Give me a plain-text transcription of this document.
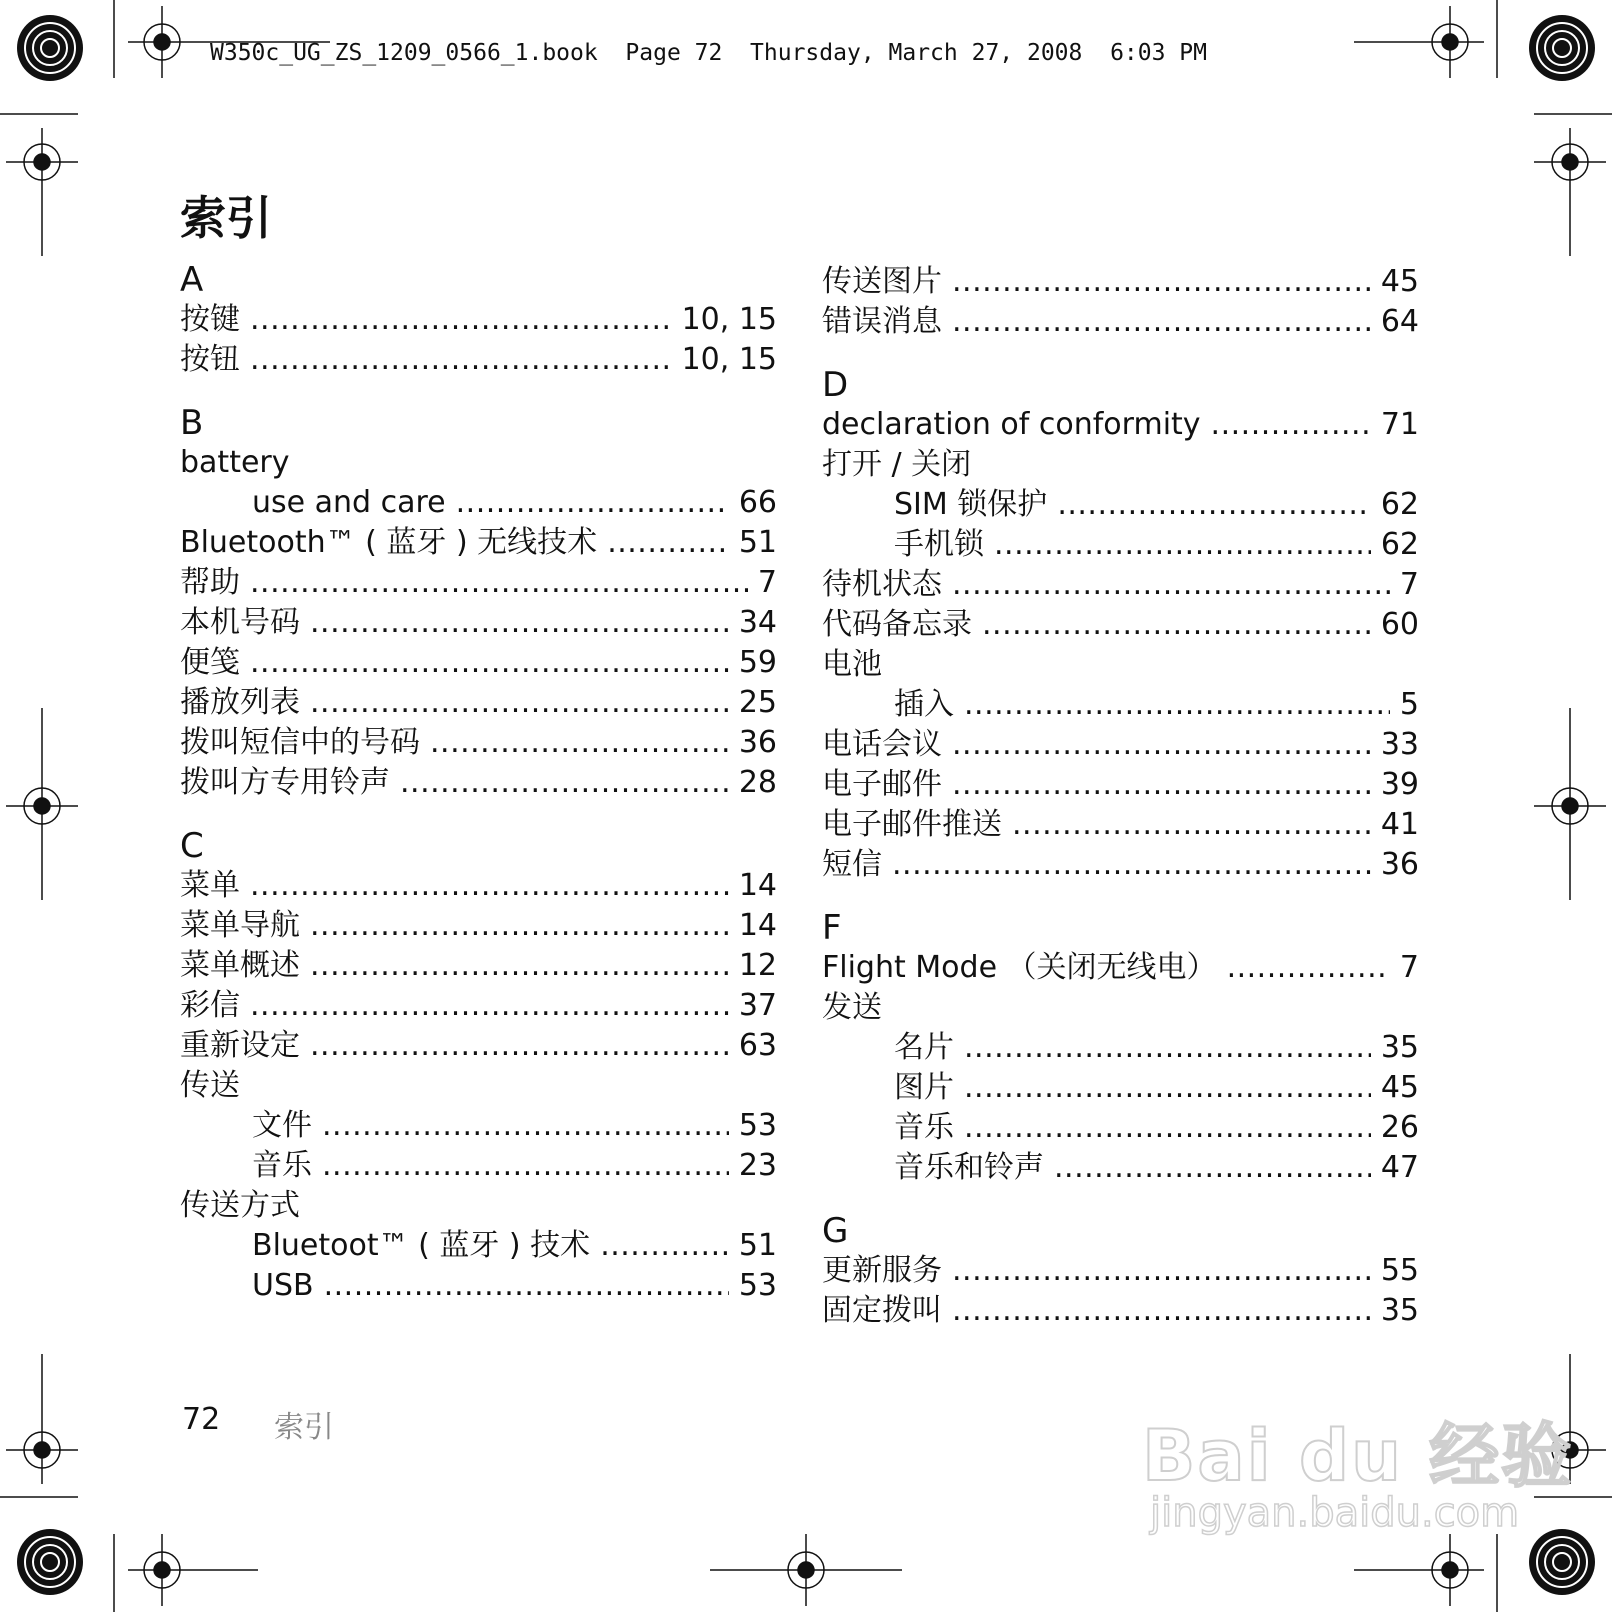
W350c_UG_ZS_1209_0566_1.book  Page 72  Thursday, March 27, 2008  6:03 PM
索引
A
按键 .....	10, 15
按钮 .....	10, 15
B
battery
use and care .....	66
Bluetooth™ ( 蓝牙 ) 无线技术 .....	51
帮助 .....	7
本机号码 .....	34
便笺 .....	59
播放列表 .....	25
拨叫短信中的号码 .....	36
拨叫方专用铃声 .....	28
C
菜单 .....	14
菜单导航 .....	14
菜单概述 .....	12
彩信 .....	37
重新设定 .....	63
传送
文件 .....	53
音乐 .....	23
传送方式
Bluetoot™ ( 蓝牙 ) 技术 .....	51
USB .....	53
传送图片 .....	45
错误消息 .....	64
D
declaration of conformity .....	71
打开 / 关闭
SIM 锁保护 .....	62
手机锁 .....	62
待机状态 .....	7
代码备忘录 .....	60
电池
插入 .....	5
电话会议 .....	33
电子邮件 .....	39
电子邮件推送 .....	41
短信 .....	36
F
Flight Mode （关闭无线电） .....	7
发送
名片 .....	35
图片 .....	45
音乐 .....	26
音乐和铃声 .....	47
G
更新服务 .....	55
固定拨叫 .....	35
72 索引	Bai du 经验
jingyan.baidu.com
